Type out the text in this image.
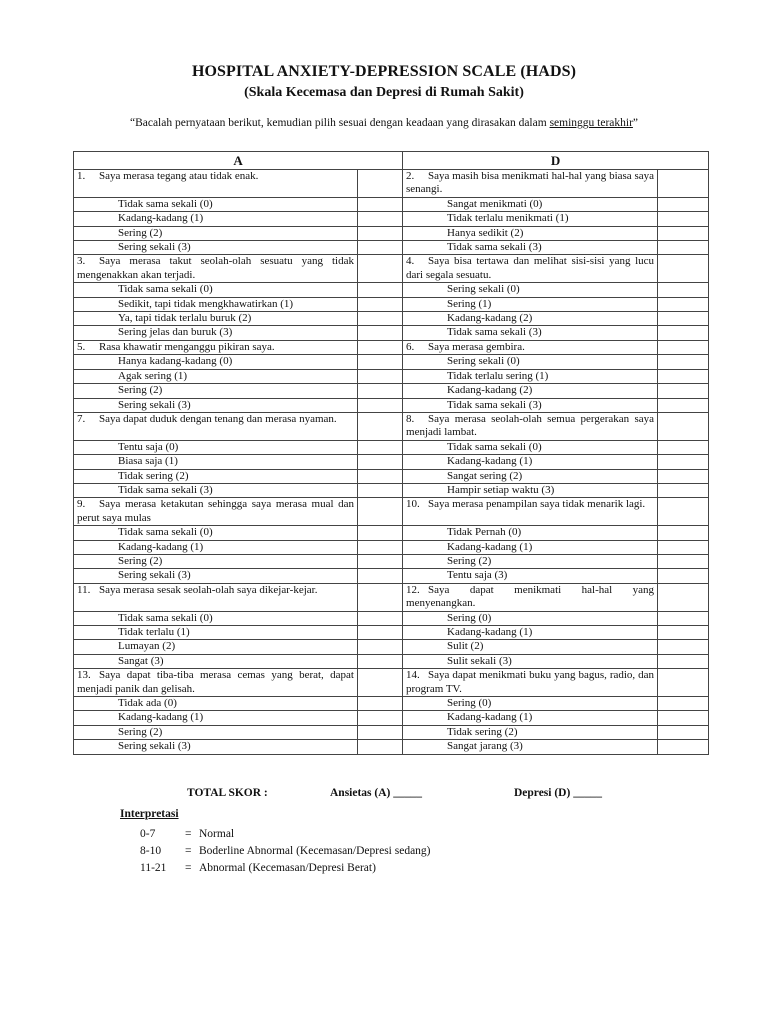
HOSPITAL ANXIETY-DEPRESSION SCALE (HADS)
(Skala Kecemasa dan Depresi di Rumah Sakit)
“Bacalah pernyataan berikut, kemudian pilih sesuai dengan keadaan yang dirasakan dalam seminggu terakhir”
A		D	
1. Saya merasa tegang atau tidak enak.		2. Saya masih bisa menikmati hal-hal yang biasa saya senangi.	
Tidak sama sekali (0)		Sangat menikmati (0)	
Kadang-kadang (1)		Tidak terlalu menikmati (1)	
Sering (2)		Hanya sedikit (2)	
Sering sekali (3)		Tidak sama sekali (3)	
3. Saya merasa takut seolah-olah sesuatu yang tidak mengenakkan akan terjadi.		4. Saya bisa tertawa dan melihat sisi-sisi yang lucu dari segala sesuatu.	
Tidak sama sekali (0)		Sering sekali (0)	
Sedikit, tapi tidak mengkhawatirkan (1)		Sering (1)	
Ya, tapi tidak terlalu buruk (2)		Kadang-kadang (2)	
Sering jelas dan buruk (3)		Tidak sama sekali (3)	
5. Rasa khawatir menganggu pikiran saya.		6. Saya merasa gembira.	
Hanya kadang-kadang (0)		Sering sekali (0)	
Agak sering (1)		Tidak terlalu sering (1)	
Sering (2)		Kadang-kadang (2)	
Sering sekali (3)		Tidak sama sekali (3)	
7. Saya dapat duduk dengan tenang dan merasa nyaman.		8. Saya merasa seolah-olah semua pergerakan saya menjadi lambat.	
Tentu saja (0)		Tidak sama sekali (0)	
Biasa saja (1)		Kadang-kadang (1)	
Tidak sering (2)		Sangat sering (2)	
Tidak sama sekali (3)		Hampir setiap waktu (3)	
9. Saya merasa ketakutan sehingga saya merasa mual dan perut saya mulas		10. Saya merasa penampilan saya tidak menarik lagi.	
Tidak sama sekali (0)		Tidak Pernah (0)	
Kadang-kadang (1)		Kadang-kadang (1)	
Sering (2)		Sering (2)	
Sering sekali (3)		Tentu saja (3)	
11. Saya merasa sesak seolah-olah saya dikejar-kejar.		12. Saya dapat menikmati hal-hal yang menyenangkan.	
Tidak sama sekali (0)		Sering (0)	
Tidak terlalu (1)		Kadang-kadang (1)	
Lumayan (2)		Sulit (2)	
Sangat (3)		Sulit sekali (3)	
13. Saya dapat tiba-tiba merasa cemas yang berat, dapat menjadi panik dan gelisah.		14. Saya dapat menikmati buku yang bagus, radio, dan program TV.	
Tidak ada (0)		Sering (0)	
Kadang-kadang (1)		Kadang-kadang (1)	
Sering (2)		Tidak sering (2)	
Sering sekali (3)		Sangat jarang (3)	
TOTAL SKOR :	Ansietas (A) _____	Depresi (D) _____
Interpretasi
0-7	= Normal
8-10 = Boderline Abnormal (Kecemasan/Depresi sedang)
11-21 = Abnormal (Kecemasan/Depresi Berat)
